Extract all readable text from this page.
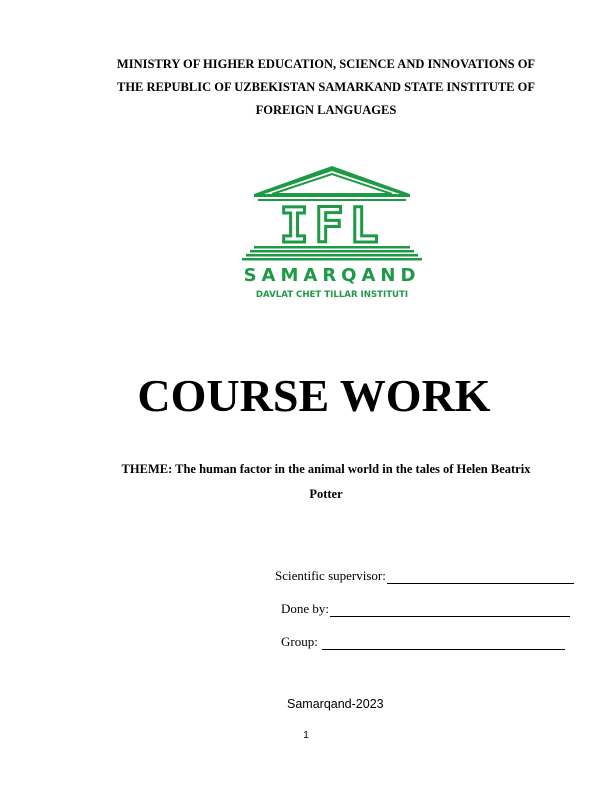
MINISTRY OF HIGHER EDUCATION, SCIENCE AND INNOVATIONS OF
THE REPUBLIC OF UZBEKISTAN SAMARKAND STATE INSTITUTE OF
FOREIGN LANGUAGES
IFL
SAMARQAND
DAVLAT CHET TILLAR INSTITUTI
COURSE WORK
THEME: The human factor in the animal world in the tales of Helen Beatrix
Potter
Scientific supervisor:
Done by:
Group:
Samarqand-2023
1
